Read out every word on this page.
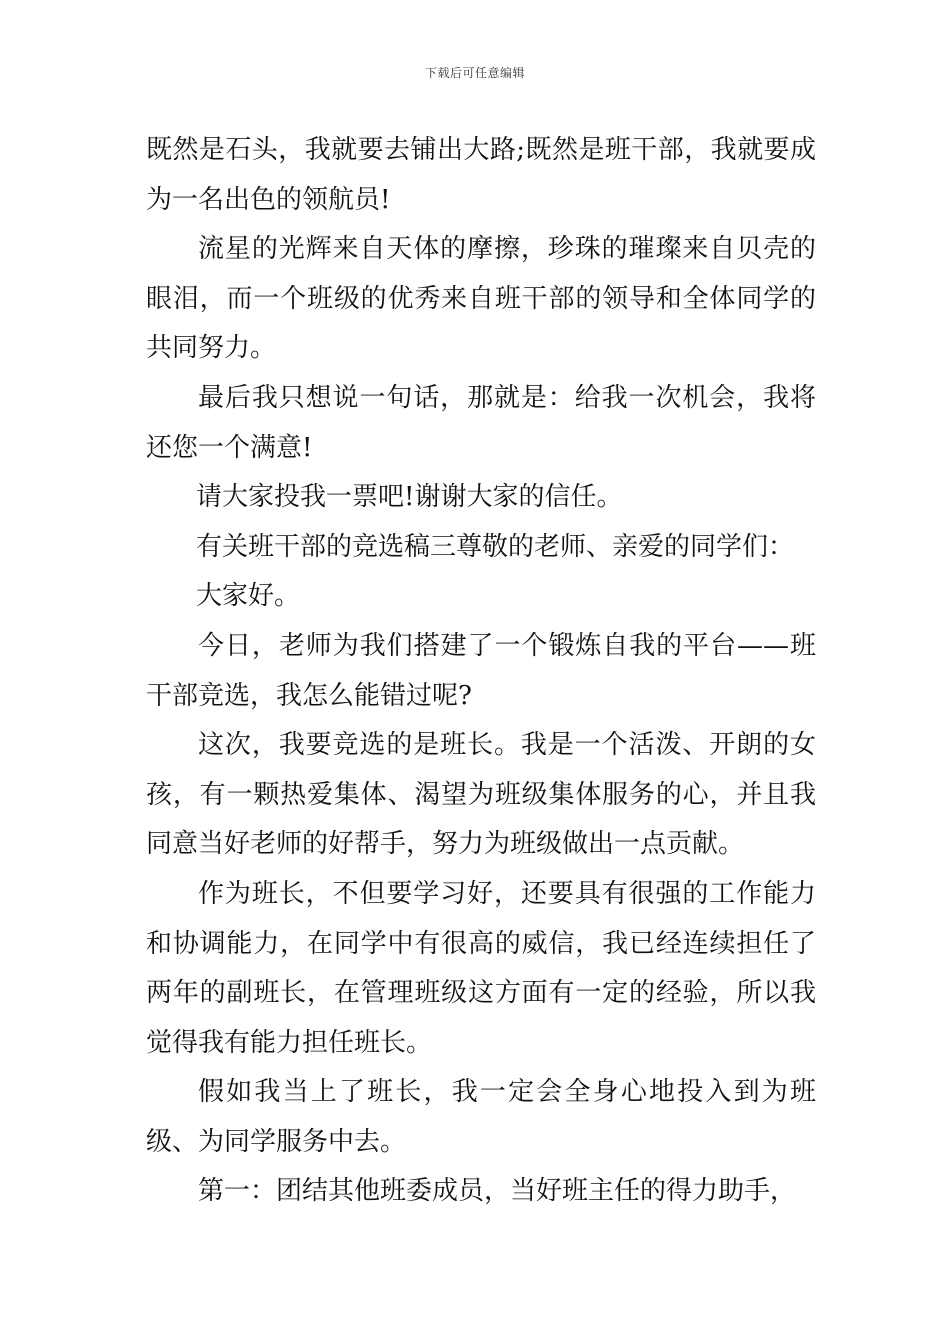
下载后可任意编辑

既然是石头，我就要去铺出大路;既然是班干部，我就要成为一名出色的领航员!

流星的光辉来自天体的摩擦，珍珠的璀璨来自贝壳的眼泪，而一个班级的优秀来自班干部的领导和全体同学的共同努力。

最后我只想说一句话，那就是：给我一次机会，我将还您一个满意!

请大家投我一票吧!谢谢大家的信任。

有关班干部的竞选稿三尊敬的老师、亲爱的同学们：

大家好。

今日，老师为我们搭建了一个锻炼自我的平台——班干部竞选，我怎么能错过呢?

这次，我要竞选的是班长。我是一个活泼、开朗的女孩，有一颗热爱集体、渴望为班级集体服务的心，并且我同意当好老师的好帮手，努力为班级做出一点贡献。

作为班长，不但要学习好，还要具有很强的工作能力和协调能力，在同学中有很高的威信，我已经连续担任了两年的副班长，在管理班级这方面有一定的经验，所以我觉得我有能力担任班长。

假如我当上了班长，我一定会全身心地投入到为班级、为同学服务中去。

第一：团结其他班委成员，当好班主任的得力助手，
